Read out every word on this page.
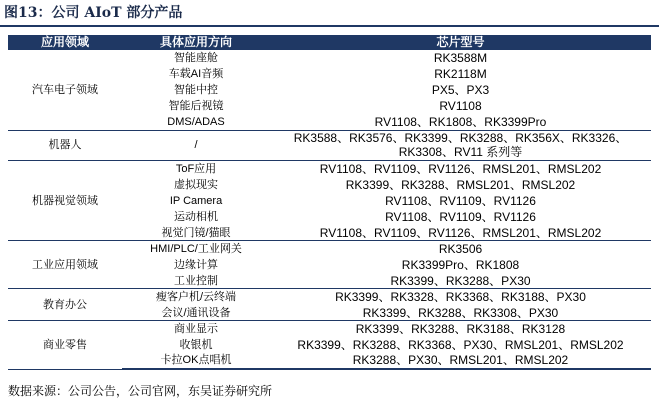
图13：公司 AIoT 部分产品
应用领域	具体应用方向	芯片型号
汽车电子领域	智能座舱	RK3588M
	车载AI音频	RK2118M
	智能中控	PX5、PX3
	智能后视镜	RV1108
	DMS/ADAS	RV1108、RK1808、RK3399Pro
机器人	/	RK3588、RK3576、RK3399、RK3288、RK356X、RK3326、RK3308、RV11 系列等
机器视觉领域	ToF应用	RV1108、RV1109、RV1126、RMSL201、RMSL202
	虚拟现实	RK3399、RK3288、RMSL201、RMSL202
	IP Camera	RV1108、RV1109、RV1126
	运动相机	RV1108、RV1109、RV1126
	视觉门镜/猫眼	RV1108、RV1109、RV1126、RMSL201、RMSL202
工业应用领域	HMI/PLC/工业网关	RK3506
	边缘计算	RK3399Pro、RK1808
	工业控制	RK3399、RK3288、PX30
教育办公	瘦客户机/云终端	RK3399、RK3328、RK3368、RK3188、PX30
	会议/通讯设备	RK3399、RK3288、RK3308、PX30
商业零售	商业显示	RK3399、RK3288、RK3188、RK3128
	收银机	RK3399、RK3288、RK3368、PX30、RMSL201、RMSL202
	卡拉OK点唱机	RK3288、PX30、RMSL201、RMSL202
数据来源：公司公告，公司官网，东吴证券研究所
